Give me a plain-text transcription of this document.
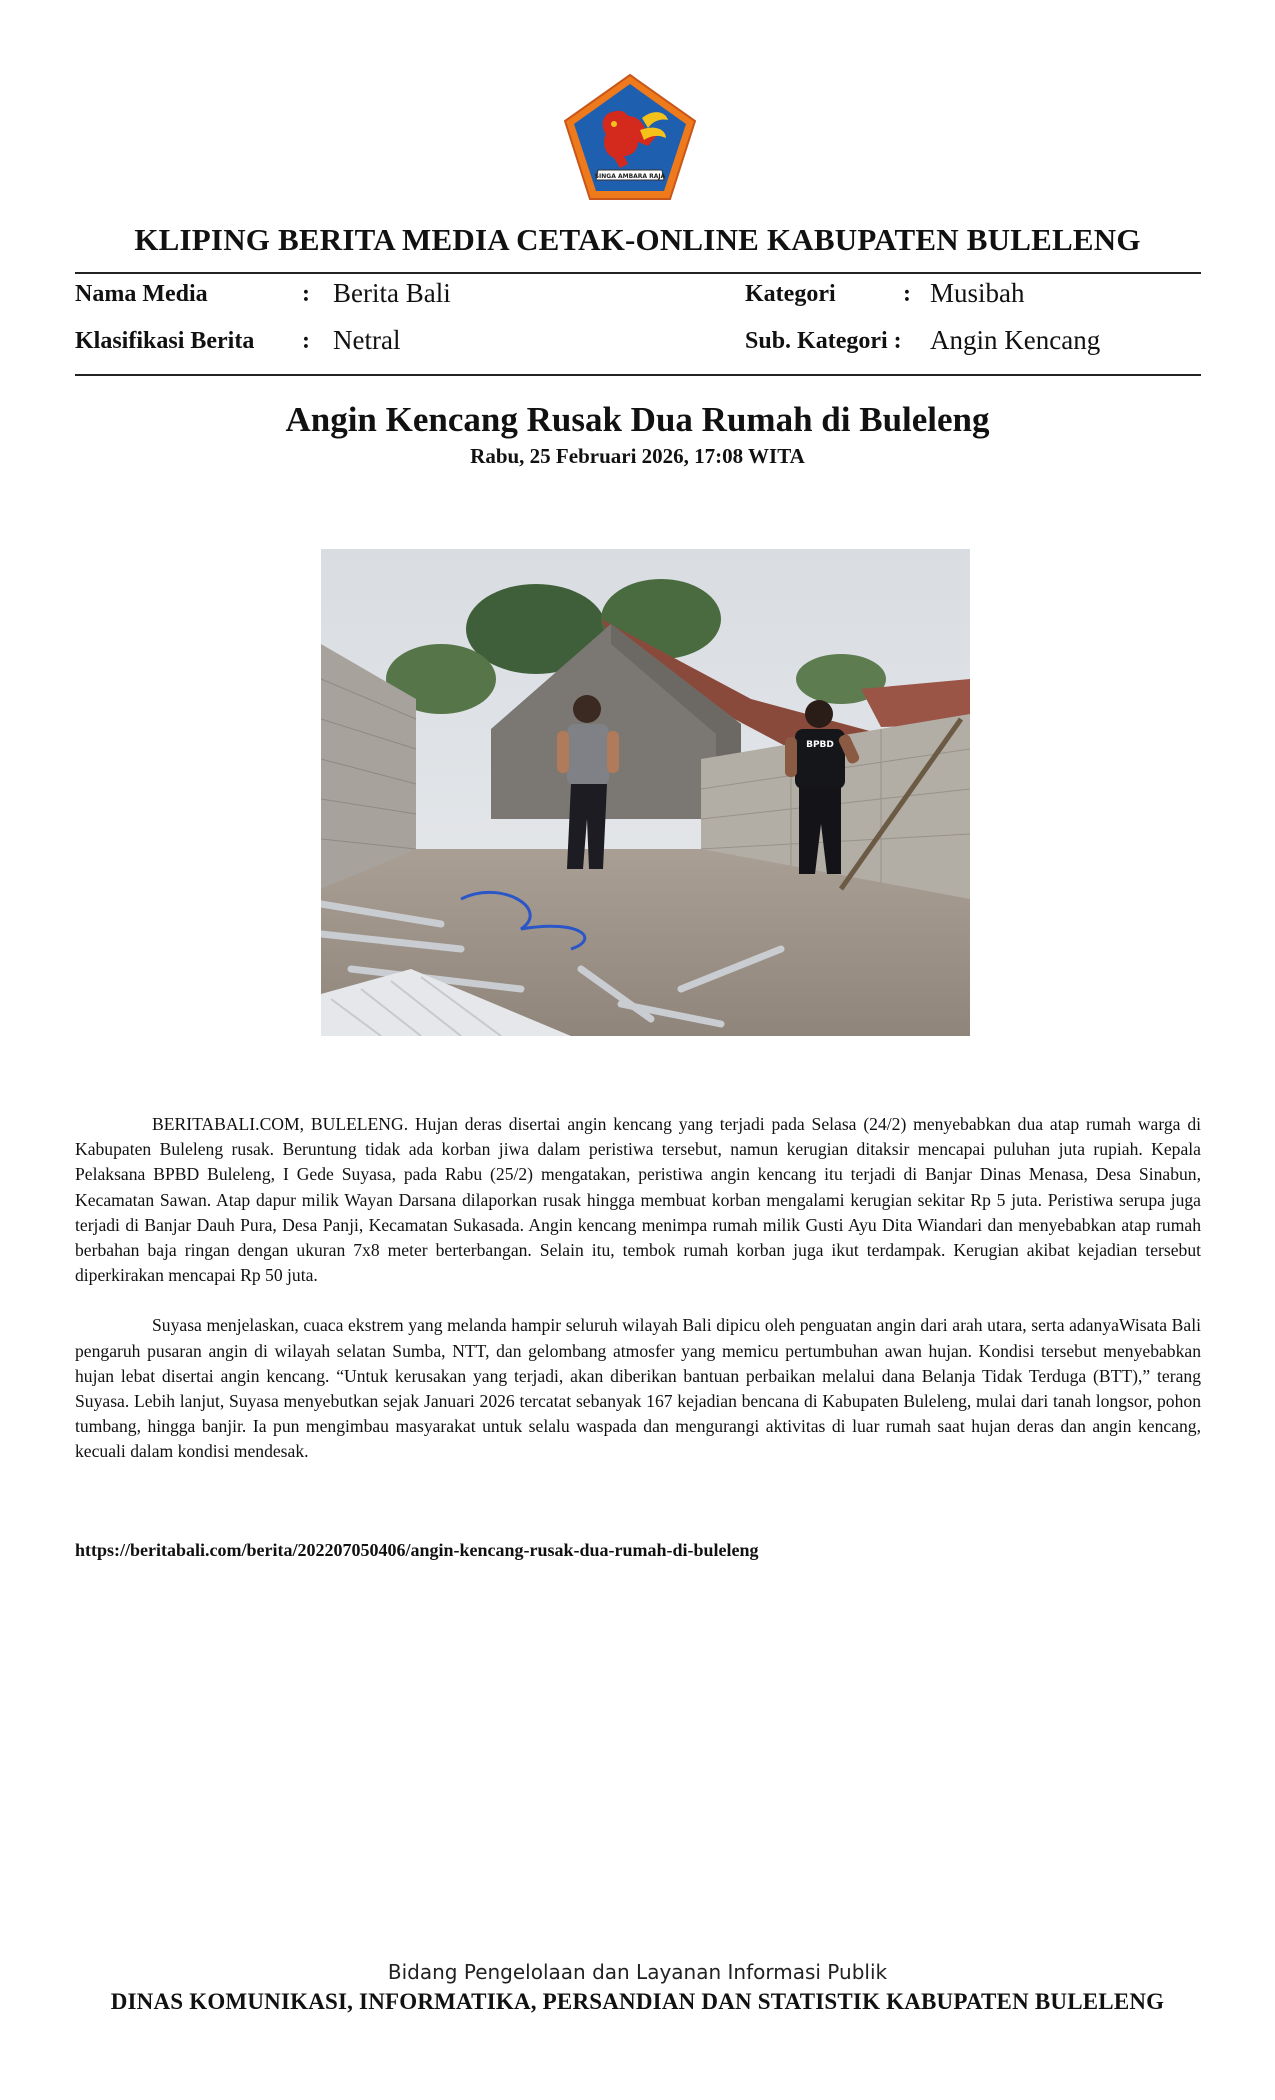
SINGA AMBARA RAJA
KLIPING BERITA MEDIA CETAK-ONLINE KABUPATEN BULELENG
Nama Media	: Berita Bali	Kategori	: Musibah
Klasifikasi Berita : Netral	Sub. Kategori : Angin Kencang
Angin Kencang Rusak Dua Rumah di Buleleng
Rabu, 25 Februari 2026, 17:08 WITA
BPBD

BERITABALI.COM, BULELENG. Hujan deras disertai angin kencang yang terjadi pada Selasa (24/2) menyebabkan dua atap rumah warga di Kabupaten Buleleng rusak. Beruntung tidak ada korban jiwa dalam peristiwa tersebut, namun kerugian ditaksir mencapai puluhan juta rupiah. Kepala Pelaksana BPBD Buleleng, I Gede Suyasa, pada Rabu (25/2) mengatakan, peristiwa angin kencang itu terjadi di Banjar Dinas Menasa, Desa Sinabun, Kecamatan Sawan. Atap dapur milik Wayan Darsana dilaporkan rusak hingga membuat korban mengalami kerugian sekitar Rp 5 juta. Peristiwa serupa juga terjadi di Banjar Dauh Pura, Desa Panji, Kecamatan Sukasada. Angin kencang menimpa rumah milik Gusti Ayu Dita Wiandari dan menyebabkan atap rumah berbahan baja ringan dengan ukuran 7x8 meter berterbangan. Selain itu, tembok rumah korban juga ikut terdampak. Kerugian akibat kejadian tersebut diperkirakan mencapai Rp 50 juta.

Suyasa menjelaskan, cuaca ekstrem yang melanda hampir seluruh wilayah Bali dipicu oleh penguatan angin dari arah utara, serta adanyaWisata Bali pengaruh pusaran angin di wilayah selatan Sumba, NTT, dan gelombang atmosfer yang memicu pertumbuhan awan hujan. Kondisi tersebut menyebabkan hujan lebat disertai angin kencang. “Untuk kerusakan yang terjadi, akan diberikan bantuan perbaikan melalui dana Belanja Tidak Terduga (BTT),” terang Suyasa. Lebih lanjut, Suyasa menyebutkan sejak Januari 2026 tercatat sebanyak 167 kejadian bencana di Kabupaten Buleleng, mulai dari tanah longsor, pohon tumbang, hingga banjir. Ia pun mengimbau masyarakat untuk selalu waspada dan mengurangi aktivitas di luar rumah saat hujan deras dan angin kencang, kecuali dalam kondisi mendesak.

https://beritabali.com/berita/202207050406/angin-kencang-rusak-dua-rumah-di-buleleng
Bidang Pengelolaan dan Layanan Informasi Publik
DINAS KOMUNIKASI, INFORMATIKA, PERSANDIAN DAN STATISTIK KABUPATEN BULELENG
